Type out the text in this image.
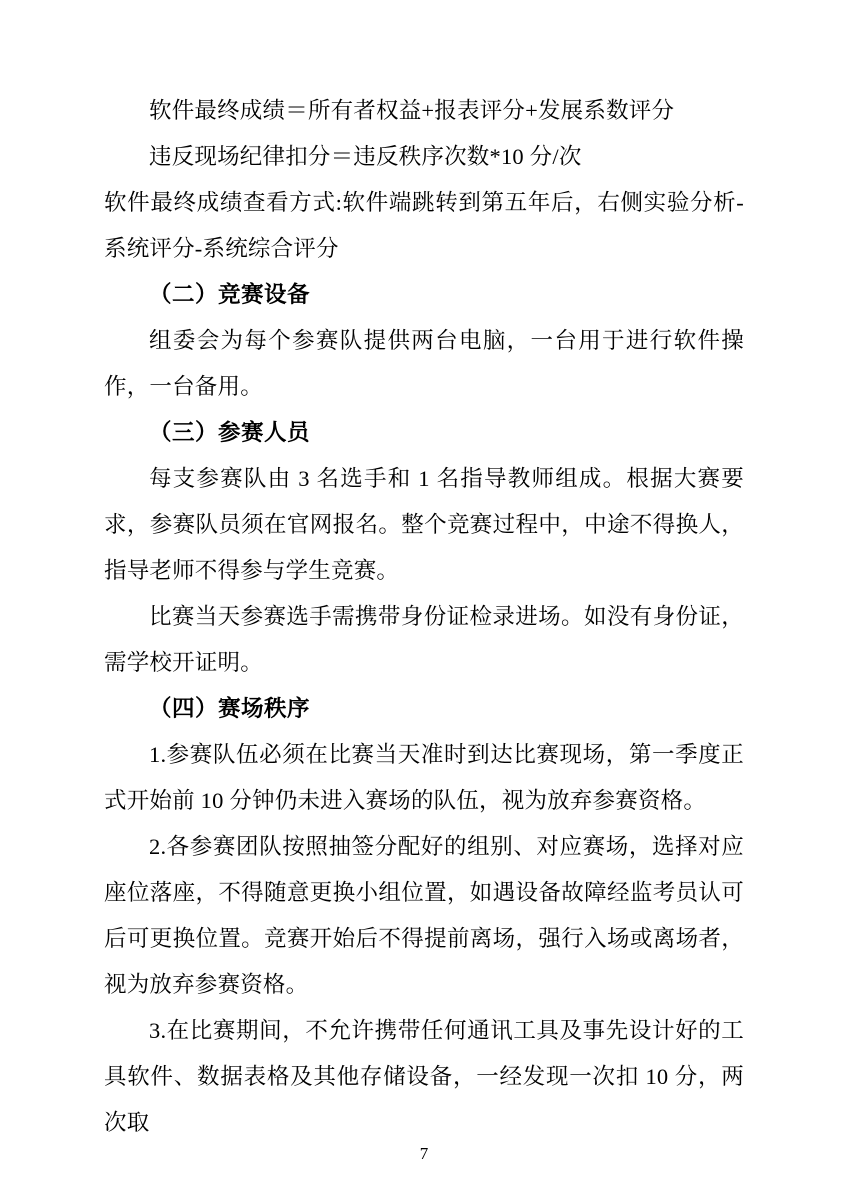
软件最终成绩＝所有者权益+报表评分+发展系数评分

违反现场纪律扣分＝违反秩序次数*10 分/次

软件最终成绩查看方式:软件端跳转到第五年后，右侧实验分析-系统评分-系统综合评分

（二）竞赛设备

组委会为每个参赛队提供两台电脑，一台用于进行软件操作，一台备用。

（三）参赛人员

每支参赛队由 3 名选手和 1 名指导教师组成。根据大赛要求，参赛队员须在官网报名。整个竞赛过程中，中途不得换人，指导老师不得参与学生竞赛。

比赛当天参赛选手需携带身份证检录进场。如没有身份证，需学校开证明。

（四）赛场秩序

1.参赛队伍必须在比赛当天准时到达比赛现场，第一季度正式开始前 10 分钟仍未进入赛场的队伍，视为放弃参赛资格。

2.各参赛团队按照抽签分配好的组别、对应赛场，选择对应座位落座，不得随意更换小组位置，如遇设备故障经监考员认可后可更换位置。竞赛开始后不得提前离场，强行入场或离场者，视为放弃参赛资格。

3.在比赛期间，不允许携带任何通讯工具及事先设计好的工具软件、数据表格及其他存储设备，一经发现一次扣 10 分，两次取

7
